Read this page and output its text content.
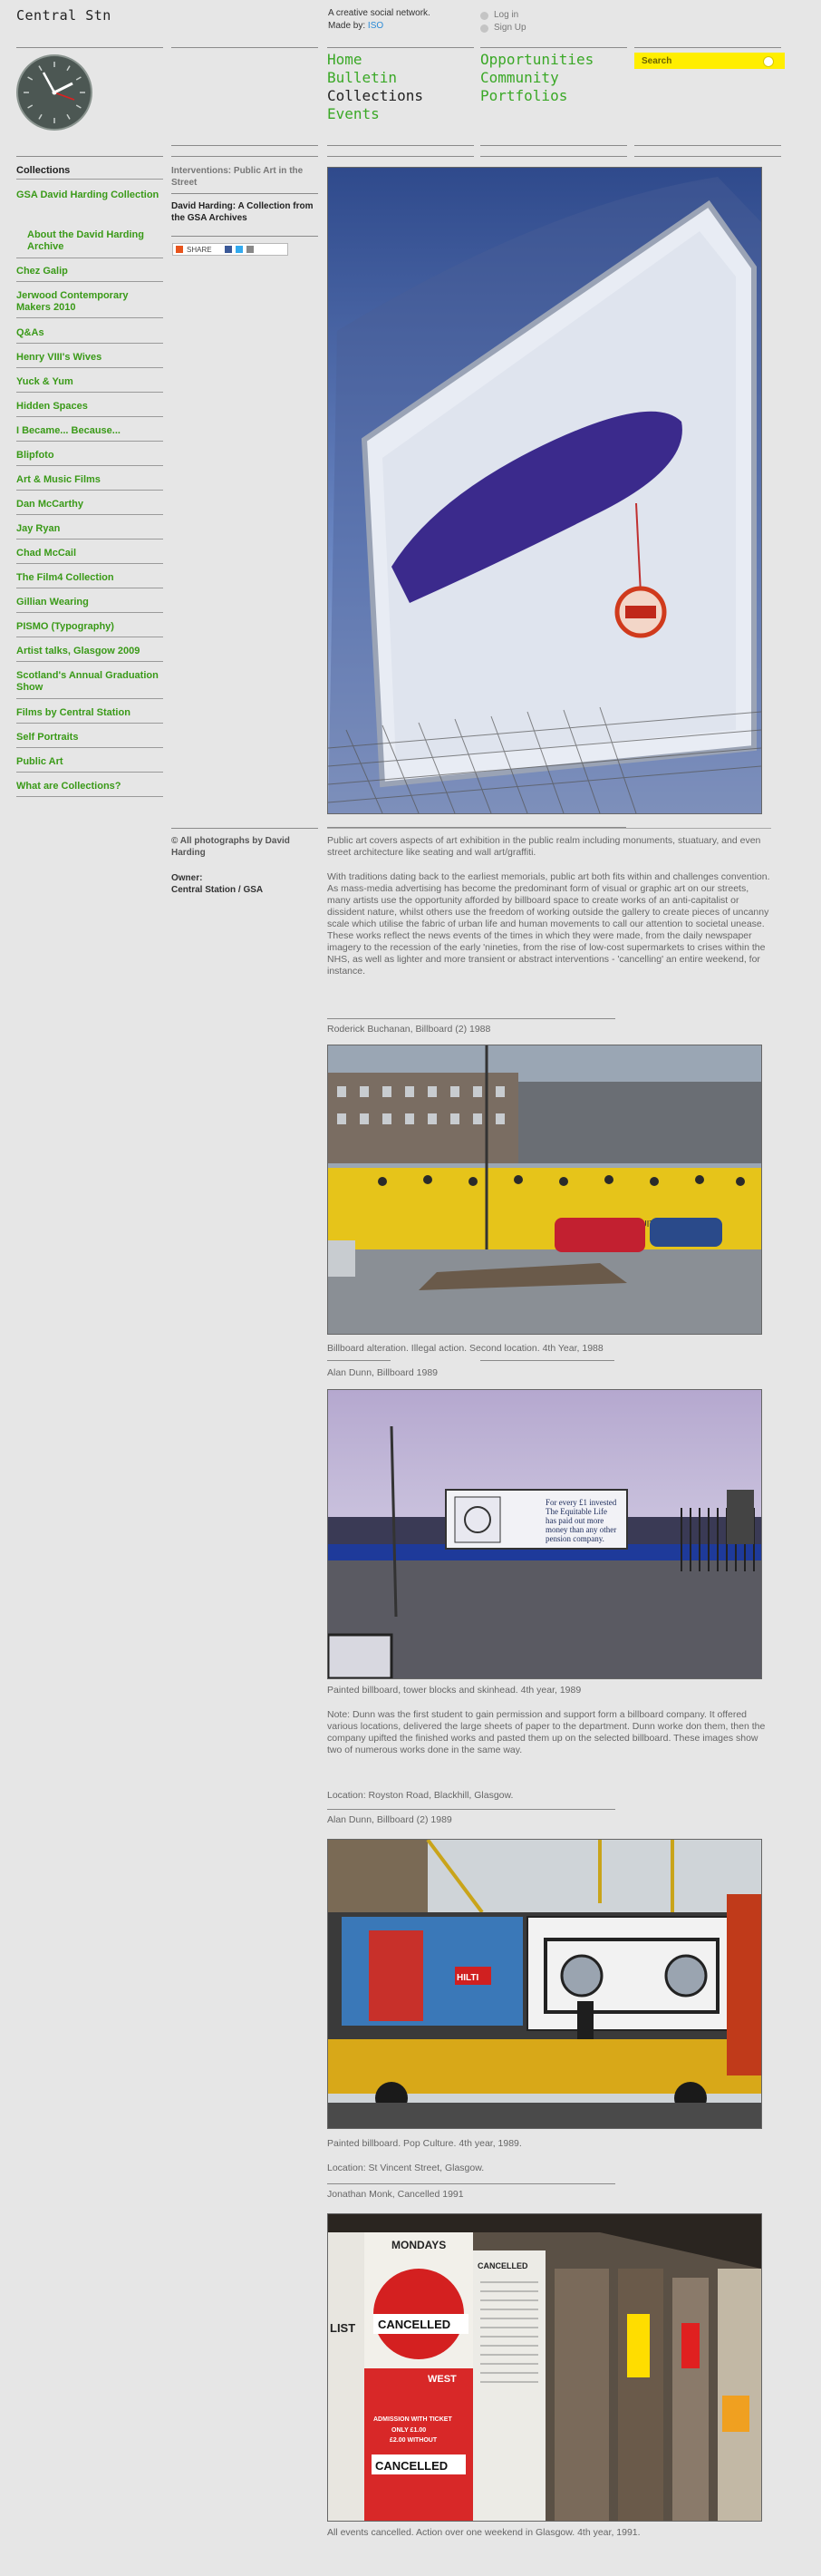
Central Stn	A creative social network.
Made by: ISO
Log in
Sign Up
Home
Bulletin
Collections
Events
Opportunities
Community
Portfolios
Search
Collections
GSA David Harding Collection
About the David Harding Archive
Chez Galip
Jerwood Contemporary Makers 2010
Q&As
Henry VIII's Wives
Yuck & Yum
Hidden Spaces
I Became... Because...
Blipfoto
Art & Music Films
Dan McCarthy
Jay Ryan
Chad McCail
The Film4 Collection
Gillian Wearing
PISMO (Typography)
Artist talks, Glasgow 2009
Scotland's Annual Graduation Show
Films by Central Station
Self Portraits
Public Art
What are Collections?
Interventions: Public Art in the Street
David Harding: A Collection from the GSA Archives
SHARE
© All photographs by David Harding
Owner:
Central Station / GSA
Public art covers aspects of art exhibition in the public realm including monuments, stuatuary, and even street architecture like seating and wall art/graffiti.
With traditions dating back to the earliest memorials, public art both fits within and challenges convention. As mass-media advertising has become the predominant form of visual or graphic art on our streets, many artists use the opportunity afforded by billboard space to create works of an anti-capitalist or dissident nature, whilst others use the freedom of working outside the gallery to create pieces of uncanny scale which utilise the fabric of urban life and human movements to call our attention to societal unease. These works reflect the news events of the times in which they were made, from the daily newspaper imagery to the recession of the early 'nineties, from the rise of low-cost supermarkets to crises within the NHS, as well as lighter and more transient or abstract interventions - 'cancelling' an entire weekend, for instance.
Roderick Buchanan, Billboard (2) 1988
Billboard alteration. Illegal action. Second location. 4th Year, 1988
Alan Dunn, Billboard 1989
For every £1 invested
The Equitable Life
has paid out more
money than any other
pension company.
Painted billboard, tower blocks and skinhead. 4th year, 1989
Note: Dunn was the first student to gain permission and support form a billboard company. It offered various locations, delivered the large sheets of paper to the department. Dunn worke don them, then the company upifted the finished works and pasted them up on the selected billboard. These images show two of numerous works done in the same way.
Location: Royston Road, Blackhill, Glasgow.
Alan Dunn, Billboard (2) 1989
HILTI
Painted billboard. Pop Culture. 4th year, 1989.
Location: St Vincent Street, Glasgow.
Jonathan Monk, Cancelled 1991
LIST
MONDAYS
CANCELLED
WEST
ADMISSION WITH TICKET
ONLY £1.00
£2.00 WITHOUT
CANCELLED
CANCELLED
All events cancelled. Action over one weekend in Glasgow. 4th year, 1991.
